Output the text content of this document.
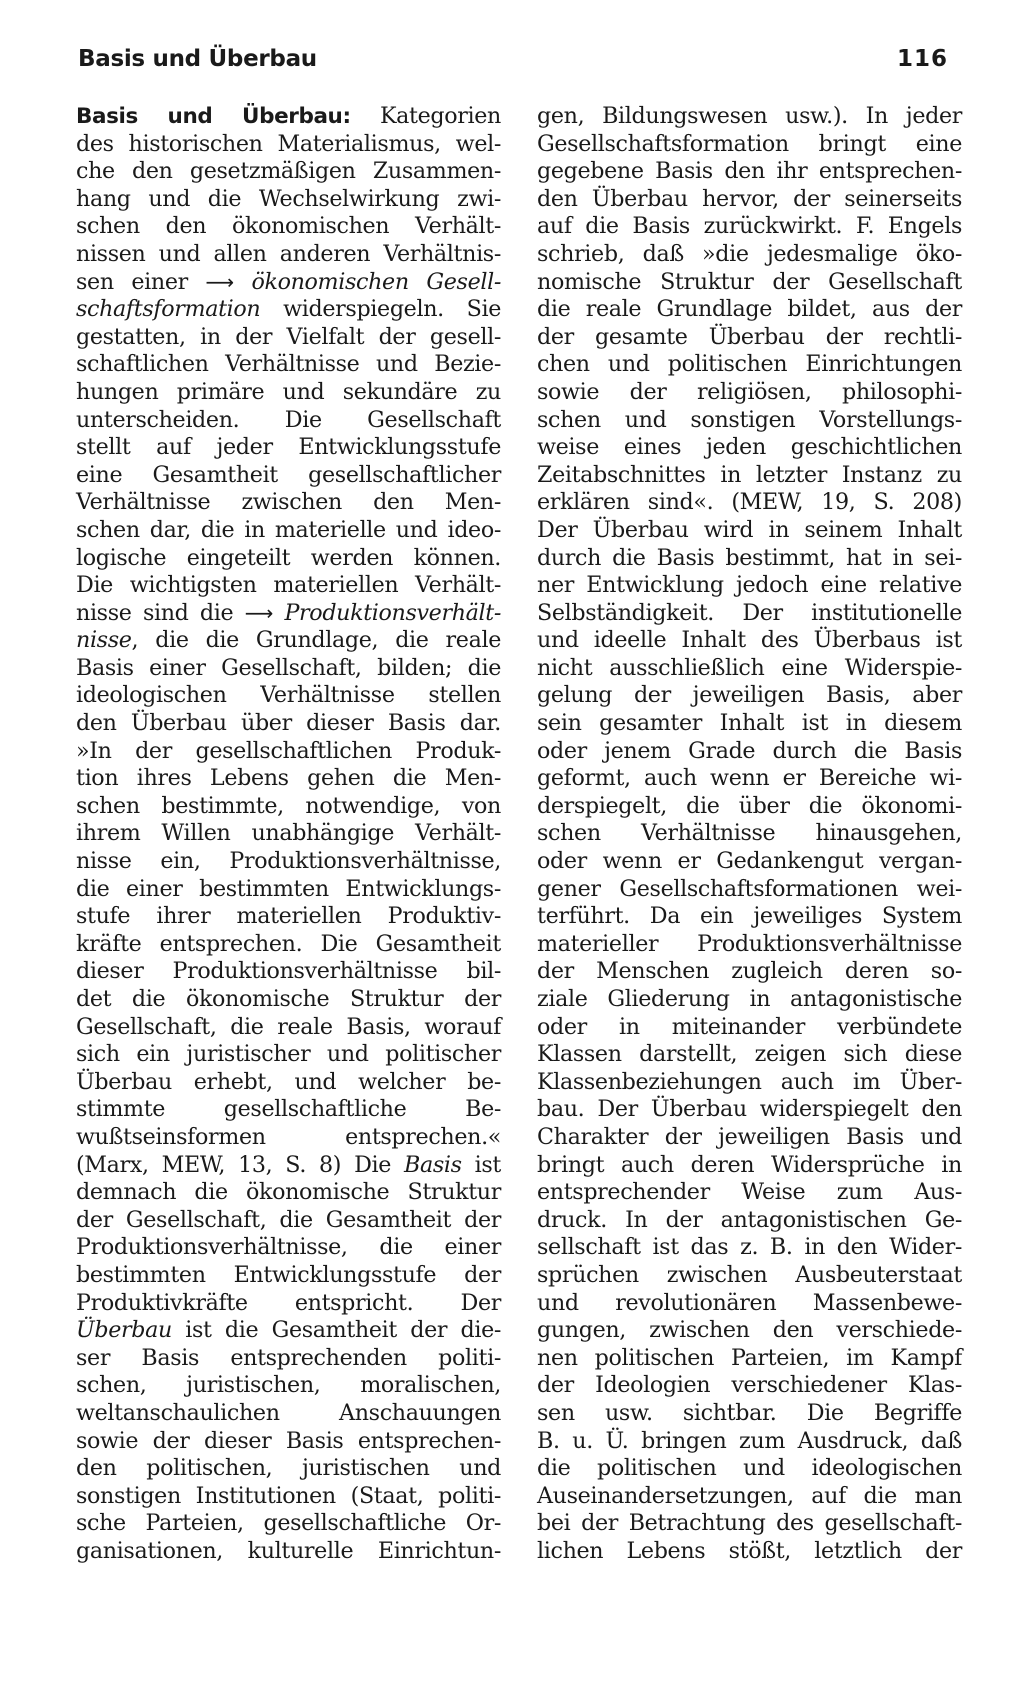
Basis und Überbau	116
Basis und Überbau: Kategorien
des historischen Materialismus, wel-
che den gesetzmäßigen Zusammen-
hang und die Wechselwirkung zwi-
schen den ökonomischen Verhält-
nissen und allen anderen Verhältnis-
sen einer ⟶ ökonomischen Gesell-
schaftsformation widerspiegeln. Sie
gestatten, in der Vielfalt der gesell-
schaftlichen Verhältnisse und Bezie-
hungen primäre und sekundäre zu
unterscheiden. Die Gesellschaft
stellt auf jeder Entwicklungsstufe
eine Gesamtheit gesellschaftlicher
Verhältnisse zwischen den Men-
schen dar, die in materielle und ideo-
logische eingeteilt werden können.
Die wichtigsten materiellen Verhält-
nisse sind die ⟶ Produktionsverhält-
nisse, die die Grundlage, die reale
Basis einer Gesellschaft, bilden; die
ideologischen Verhältnisse stellen
den Überbau über dieser Basis dar.
»In der gesellschaftlichen Produk-
tion ihres Lebens gehen die Men-
schen bestimmte, notwendige, von
ihrem Willen unabhängige Verhält-
nisse ein, Produktionsverhältnisse,
die einer bestimmten Entwicklungs-
stufe ihrer materiellen Produktiv-
kräfte entsprechen. Die Gesamtheit
dieser Produktionsverhältnisse bil-
det die ökonomische Struktur der
Gesellschaft, die reale Basis, worauf
sich ein juristischer und politischer
Überbau erhebt, und welcher be-
stimmte gesellschaftliche Be-
wußtseinsformen entsprechen.«
(Marx, MEW, 13, S. 8) Die Basis ist
demnach die ökonomische Struktur
der Gesellschaft, die Gesamtheit der
Produktionsverhältnisse, die einer
bestimmten Entwicklungsstufe der
Produktivkräfte entspricht. Der
Überbau ist die Gesamtheit der die-
ser Basis entsprechenden politi-
schen, juristischen, moralischen,
weltanschaulichen Anschauungen
sowie der dieser Basis entsprechen-
den politischen, juristischen und
sonstigen Institutionen (Staat, politi-
sche Parteien, gesellschaftliche Or-
ganisationen, kulturelle Einrichtun-
gen, Bildungswesen usw.). In jeder
Gesellschaftsformation bringt eine
gegebene Basis den ihr entsprechen-
den Überbau hervor, der seinerseits
auf die Basis zurückwirkt. F. Engels
schrieb, daß »die jedesmalige öko-
nomische Struktur der Gesellschaft
die reale Grundlage bildet, aus der
der gesamte Überbau der rechtli-
chen und politischen Einrichtungen
sowie der religiösen, philosophi-
schen und sonstigen Vorstellungs-
weise eines jeden geschichtlichen
Zeitabschnittes in letzter Instanz zu
erklären sind«. (MEW, 19, S. 208)
Der Überbau wird in seinem Inhalt
durch die Basis bestimmt, hat in sei-
ner Entwicklung jedoch eine relative
Selbständigkeit. Der institutionelle
und ideelle Inhalt des Überbaus ist
nicht ausschließlich eine Widerspie-
gelung der jeweiligen Basis, aber
sein gesamter Inhalt ist in diesem
oder jenem Grade durch die Basis
geformt, auch wenn er Bereiche wi-
derspiegelt, die über die ökonomi-
schen Verhältnisse hinausgehen,
oder wenn er Gedankengut vergan-
gener Gesellschaftsformationen wei-
terführt. Da ein jeweiliges System
materieller Produktionsverhältnisse
der Menschen zugleich deren so-
ziale Gliederung in antagonistische
oder in miteinander verbündete
Klassen darstellt, zeigen sich diese
Klassenbeziehungen auch im Über-
bau. Der Überbau widerspiegelt den
Charakter der jeweiligen Basis und
bringt auch deren Widersprüche in
entsprechender Weise zum Aus-
druck. In der antagonistischen Ge-
sellschaft ist das z. B. in den Wider-
sprüchen zwischen Ausbeuterstaat
und revolutionären Massenbewe-
gungen, zwischen den verschiede-
nen politischen Parteien, im Kampf
der Ideologien verschiedener Klas-
sen usw. sichtbar. Die Begriffe
B. u. Ü. bringen zum Ausdruck, daß
die politischen und ideologischen
Auseinandersetzungen, auf die man
bei der Betrachtung des gesellschaft-
lichen Lebens stößt, letztlich der
